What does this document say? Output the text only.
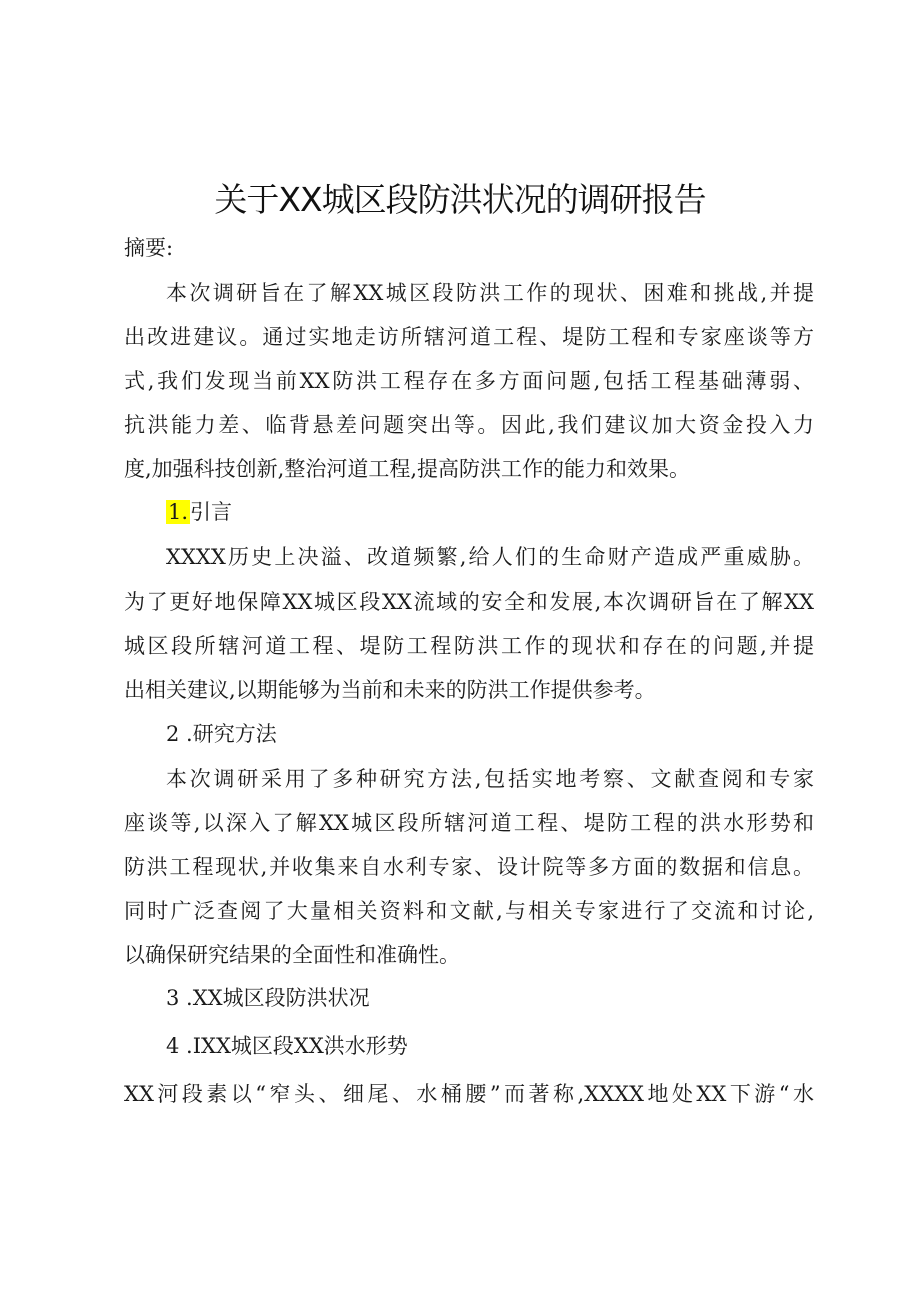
关于XX城区段防洪状况的调研报告
摘要:
本次调研旨在了解XX城区段防洪工作的现状、困难和挑战,并提
出改进建议。通过实地走访所辖河道工程、堤防工程和专家座谈等方
式,我们发现当前XX防洪工程存在多方面问题,包括工程基础薄弱、
抗洪能力差、临背悬差问题突出等。因此,我们建议加大资金投入力
度,加强科技创新,整治河道工程,提高防洪工作的能力和效果。
1.引言
XXXX历史上决溢、改道频繁,给人们的生命财产造成严重威胁。
为了更好地保障XX城区段XX流域的安全和发展,本次调研旨在了解XX
城区段所辖河道工程、堤防工程防洪工作的现状和存在的问题,并提
出相关建议,以期能够为当前和未来的防洪工作提供参考。
2 .研究方法
本次调研采用了多种研究方法,包括实地考察、文献查阅和专家
座谈等,以深入了解XX城区段所辖河道工程、堤防工程的洪水形势和
防洪工程现状,并收集来自水利专家、设计院等多方面的数据和信息。
同时广泛查阅了大量相关资料和文献,与相关专家进行了交流和讨论,
以确保研究结果的全面性和准确性。
3 .XX城区段防洪状况
4 .IXX城区段XX洪水形势
XX河段素以“窄头、细尾、水桶腰”而著称,XXXX地处XX下游“水
